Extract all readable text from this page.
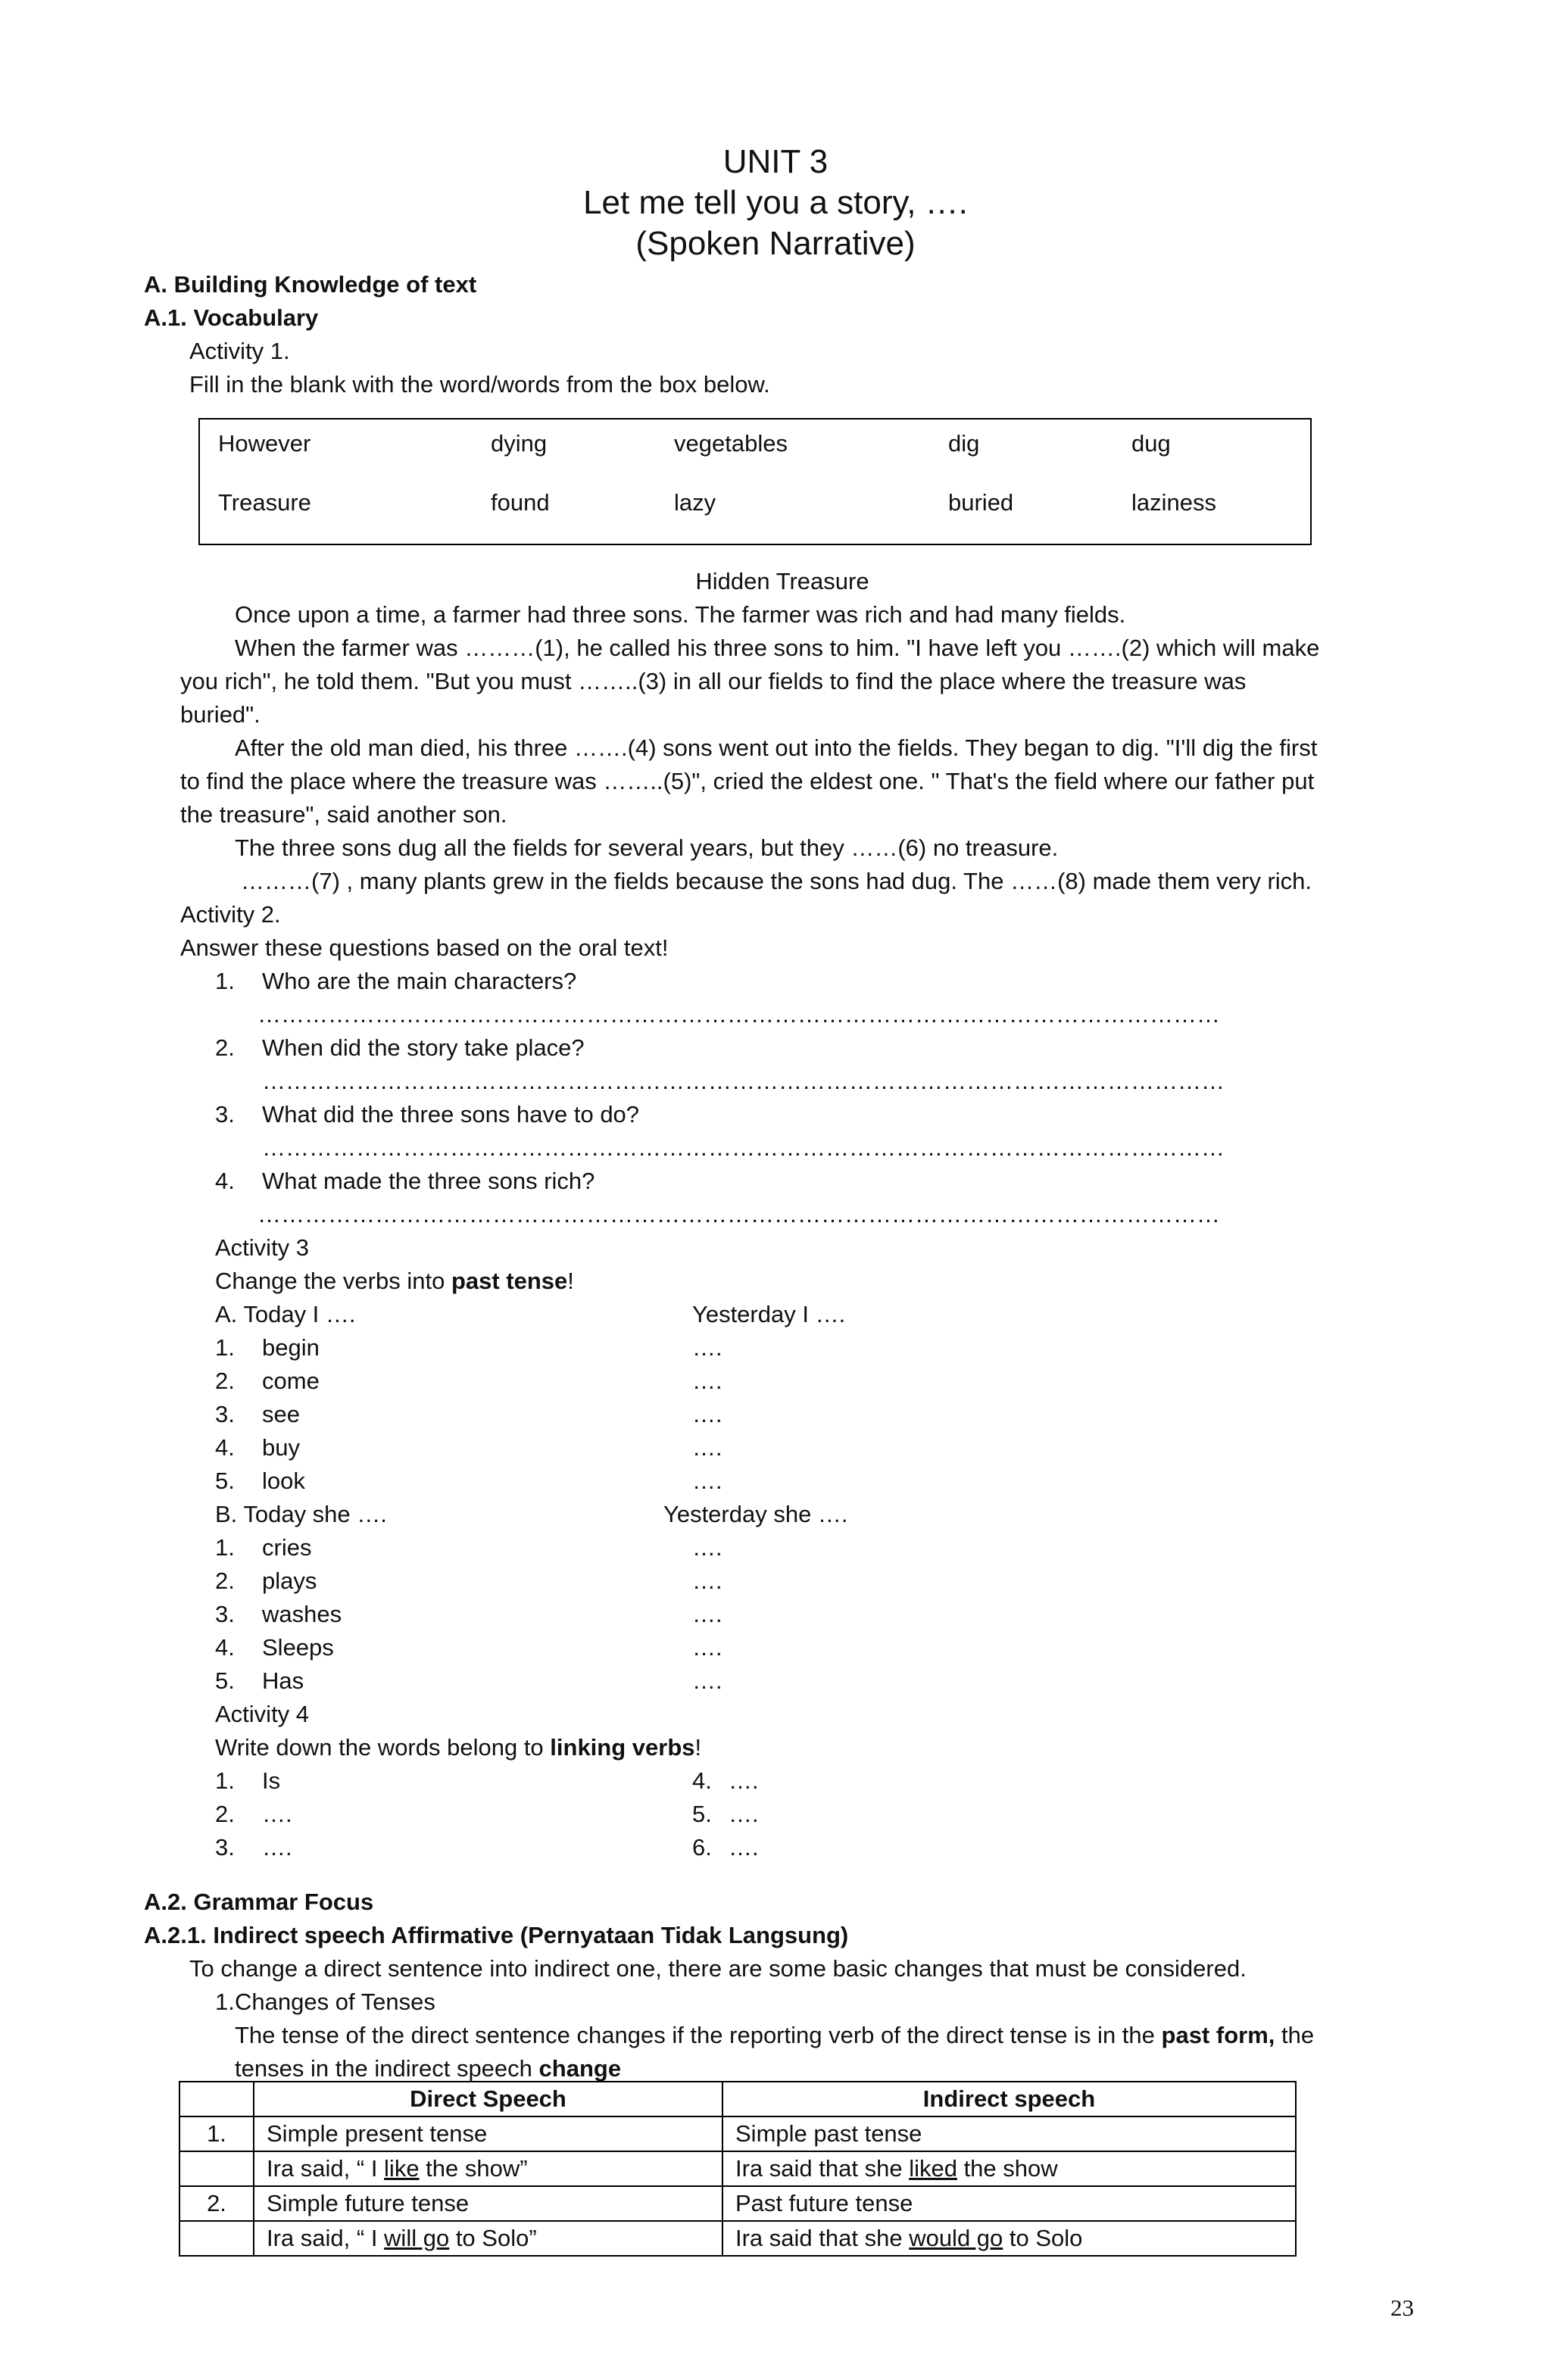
UNIT 3
Let me tell you a story, ….
(Spoken Narrative)
A. Building Knowledge of text
A.1. Vocabulary
Activity 1.
Fill in the blank with the word/words from the box below.
However	dying	vegetables	dig	dug
Treasure	found	lazy	buried	laziness
Hidden Treasure
Once upon a time, a farmer had three sons. The farmer was rich and had many fields.
When the farmer was ………(1), he called his three sons to him. "I have left you …….(2) which will make
you rich", he told them. "But you must ……..(3) in all our fields to find the place where the treasure was
buried".
After the old man died, his three …….(4) sons went out into the fields. They began to dig. "I'll dig the first
to find the place where the treasure was ……..(5)", cried the eldest one. " That's the field where our father put
the treasure", said another son.
The three sons dug all the fields for several years, but they ……(6) no treasure.
………(7) , many plants grew in the fields because the sons had dug. The ……(8) made them very rich.
Activity 2.
Answer these questions based on the oral text!
1. Who are the main characters?
……………………………………………………………………………………………………………
2. When did the story take place?
……………………………………………………………………………………………………………
3. What did the three sons have to do?
……………………………………………………………………………………………………………
4. What made the three sons rich?
……………………………………………………………………………………………………………
Activity 3
Change the verbs into past tense!
A. Today I ….	Yesterday I ….
1. begin	….
2. come	….
3. see	….
4. buy	….
5. look	….
B. Today she ….	Yesterday she ….
1. cries	….
2. plays	….
3. washes	….
4. Sleeps	….
5. Has	….
Activity 4
Write down the words belong to linking verbs!
1. Is	4. ….
2. ….	5. ….
3. ….	6. ….
A.2. Grammar Focus
A.2.1. Indirect speech Affirmative (Pernyataan Tidak Langsung)
To change a direct sentence into indirect one, there are some basic changes that must be considered.
1. Changes of Tenses
The tense of the direct sentence changes if the reporting verb of the direct tense is in the past form, the
tenses in the indirect speech change
	Direct Speech	Indirect speech
1.	Simple present tense	Simple past tense
	Ira said, “ I like the show”	Ira said that she liked the show
2.	Simple future tense	Past future tense
	Ira said, “ I will go to Solo”	Ira said that she would go to Solo
23
